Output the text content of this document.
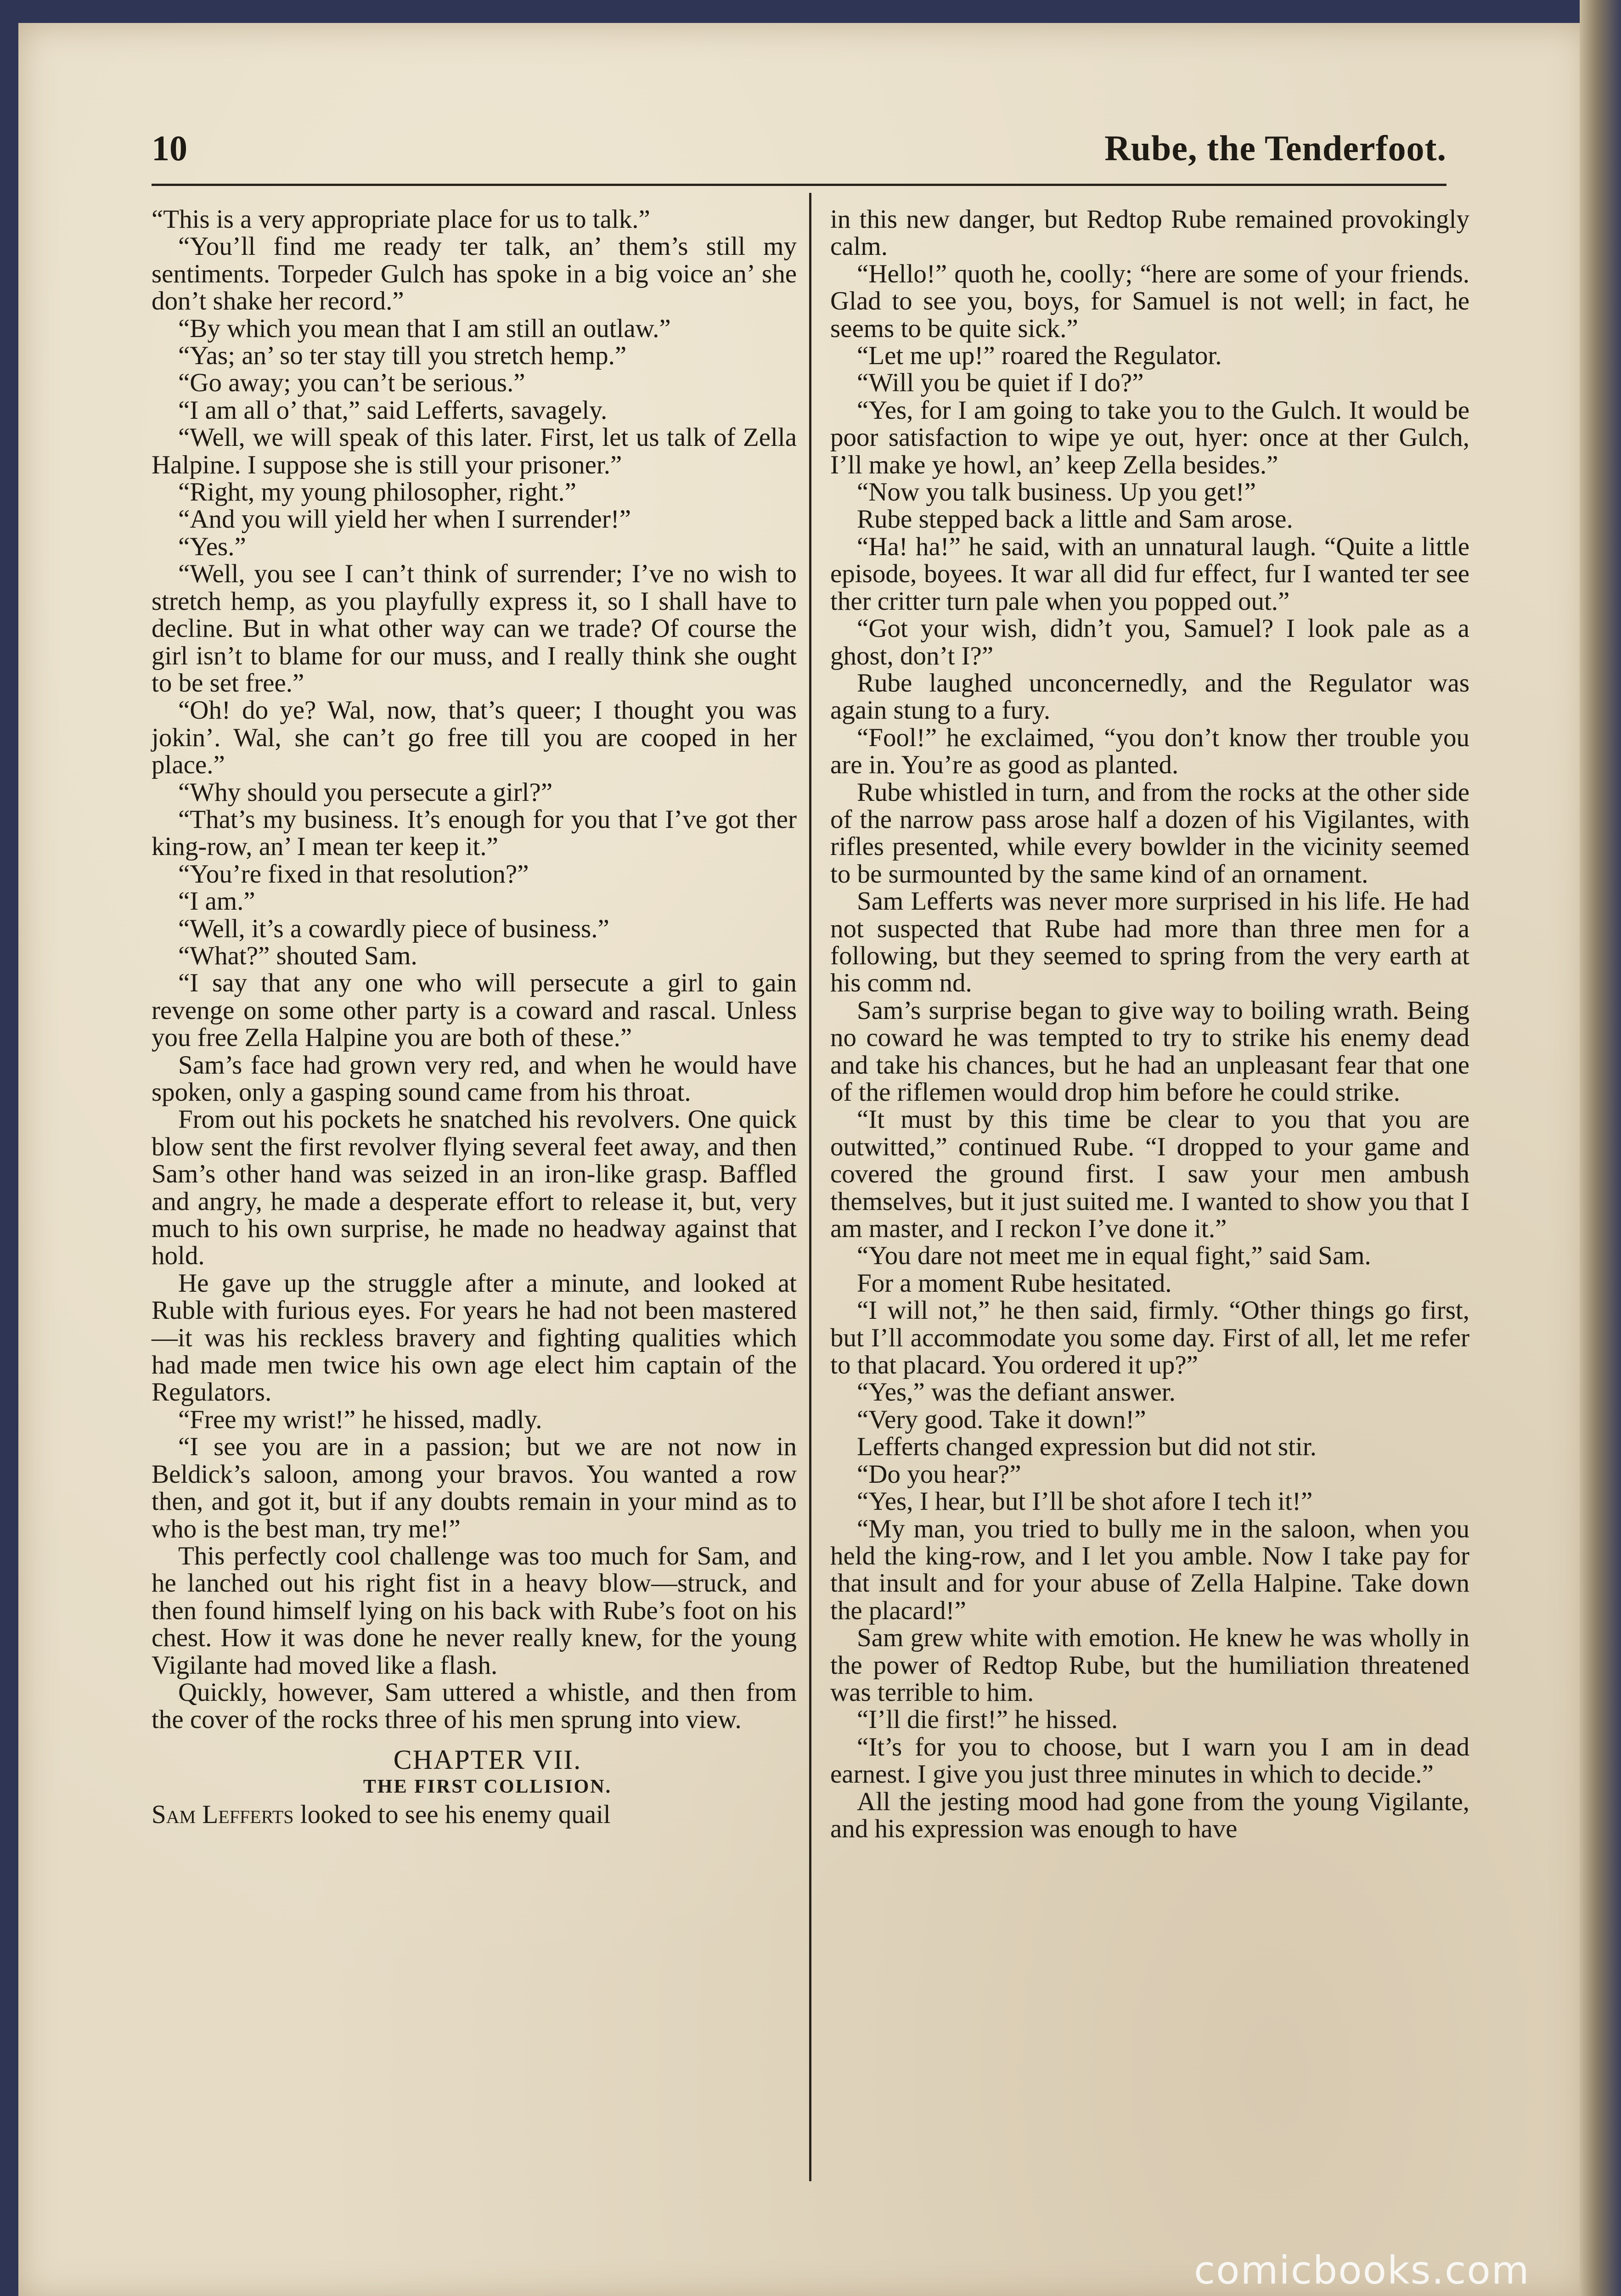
10	Rube, the Tenderfoot.

“This is a very appropriate place for us to talk.”

“You’ll find me ready ter talk, an’ them’s still my sentiments. Torpeder Gulch has spoke in a big voice an’ she don’t shake her record.”

“By which you mean that I am still an outlaw.”

“Yas; an’ so ter stay till you stretch hemp.”

“Go away; you can’t be serious.”

“I am all o’ that,” said Lefferts, savagely.

“Well, we will speak of this later. First, let us talk of Zella Halpine. I suppose she is still your prisoner.”

“Right, my young philosopher, right.”

“And you will yield her when I surrender!”

“Yes.”

“Well, you see I can’t think of surrender; I’ve no wish to stretch hemp, as you playfully express it, so I shall have to decline. But in what other way can we trade? Of course the girl isn’t to blame for our muss, and I really think she ought to be set free.”

“Oh! do ye? Wal, now, that’s queer; I thought you was jokin’. Wal, she can’t go free till you are cooped in her place.”

“Why should you persecute a girl?”

“That’s my business. It’s enough for you that I’ve got ther king-row, an’ I mean ter keep it.”

“You’re fixed in that resolution?”

“I am.”

“Well, it’s a cowardly piece of business.”

“What?” shouted Sam.

“I say that any one who will persecute a girl to gain revenge on some other party is a coward and rascal. Unless you free Zella Halpine you are both of these.”

Sam’s face had grown very red, and when he would have spoken, only a gasping sound came from his throat.

From out his pockets he snatched his revolvers. One quick blow sent the first revolver flying several feet away, and then Sam’s other hand was seized in an iron-like grasp. Baffled and angry, he made a desperate effort to release it, but, very much to his own surprise, he made no headway against that hold.

He gave up the struggle after a minute, and looked at Ruble with furious eyes. For years he had not been mastered—it was his reckless bravery and fighting qualities which had made men twice his own age elect him captain of the Regulators.

“Free my wrist!” he hissed, madly.

“I see you are in a passion; but we are not now in Beldick’s saloon, among your bravos. You wanted a row then, and got it, but if any doubts remain in your mind as to who is the best man, try me!”

This perfectly cool challenge was too much for Sam, and he lanched out his right fist in a heavy blow—struck, and then found himself lying on his back with Rube’s foot on his chest. How it was done he never really knew, for the young Vigilante had moved like a flash.

Quickly, however, Sam uttered a whistle, and then from the cover of the rocks three of his men sprung into view.

CHAPTER VII.

THE FIRST COLLISION.

Sam Lefferts looked to see his enemy quail

in this new danger, but Redtop Rube remained provokingly calm.

“Hello!” quoth he, coolly; “here are some of your friends. Glad to see you, boys, for Samuel is not well; in fact, he seems to be quite sick.”

“Let me up!” roared the Regulator.

“Will you be quiet if I do?”

“Yes, for I am going to take you to the Gulch. It would be poor satisfaction to wipe ye out, hyer: once at ther Gulch, I’ll make ye howl, an’ keep Zella besides.”

“Now you talk business. Up you get!”

Rube stepped back a little and Sam arose.

“Ha! ha!” he said, with an unnatural laugh. “Quite a little episode, boyees. It war all did fur effect, fur I wanted ter see ther critter turn pale when you popped out.”

“Got your wish, didn’t you, Samuel? I look pale as a ghost, don’t I?”

Rube laughed unconcernedly, and the Regulator was again stung to a fury.

“Fool!” he exclaimed, “you don’t know ther trouble you are in. You’re as good as planted.

Rube whistled in turn, and from the rocks at the other side of the narrow pass arose half a dozen of his Vigilantes, with rifles presented, while every bowlder in the vicinity seemed to be surmounted by the same kind of an ornament.

Sam Lefferts was never more surprised in his life. He had not suspected that Rube had more than three men for a following, but they seemed to spring from the very earth at his comm nd.

Sam’s surprise began to give way to boiling wrath. Being no coward he was tempted to try to strike his enemy dead and take his chances, but he had an unpleasant fear that one of the riflemen would drop him before he could strike.

“It must by this time be clear to you that you are outwitted,” continued Rube. “I dropped to your game and covered the ground first. I saw your men ambush themselves, but it just suited me. I wanted to show you that I am master, and I reckon I’ve done it.”

“You dare not meet me in equal fight,” said Sam.

For a moment Rube hesitated.

“I will not,” he then said, firmly. “Other things go first, but I’ll accommodate you some day. First of all, let me refer to that placard. You ordered it up?”

“Yes,” was the defiant answer.

“Very good. Take it down!”

Lefferts changed expression but did not stir.

“Do you hear?”

“Yes, I hear, but I’ll be shot afore I tech it!”

“My man, you tried to bully me in the saloon, when you held the king-row, and I let you amble. Now I take pay for that insult and for your abuse of Zella Halpine. Take down the placard!”

Sam grew white with emotion. He knew he was wholly in the power of Redtop Rube, but the humiliation threatened was terrible to him.

“I’ll die first!” he hissed.

“It’s for you to choose, but I warn you I am in dead earnest. I give you just three minutes in which to decide.”

All the jesting mood had gone from the young Vigilante, and his expression was enough to have

comicbooks.com
